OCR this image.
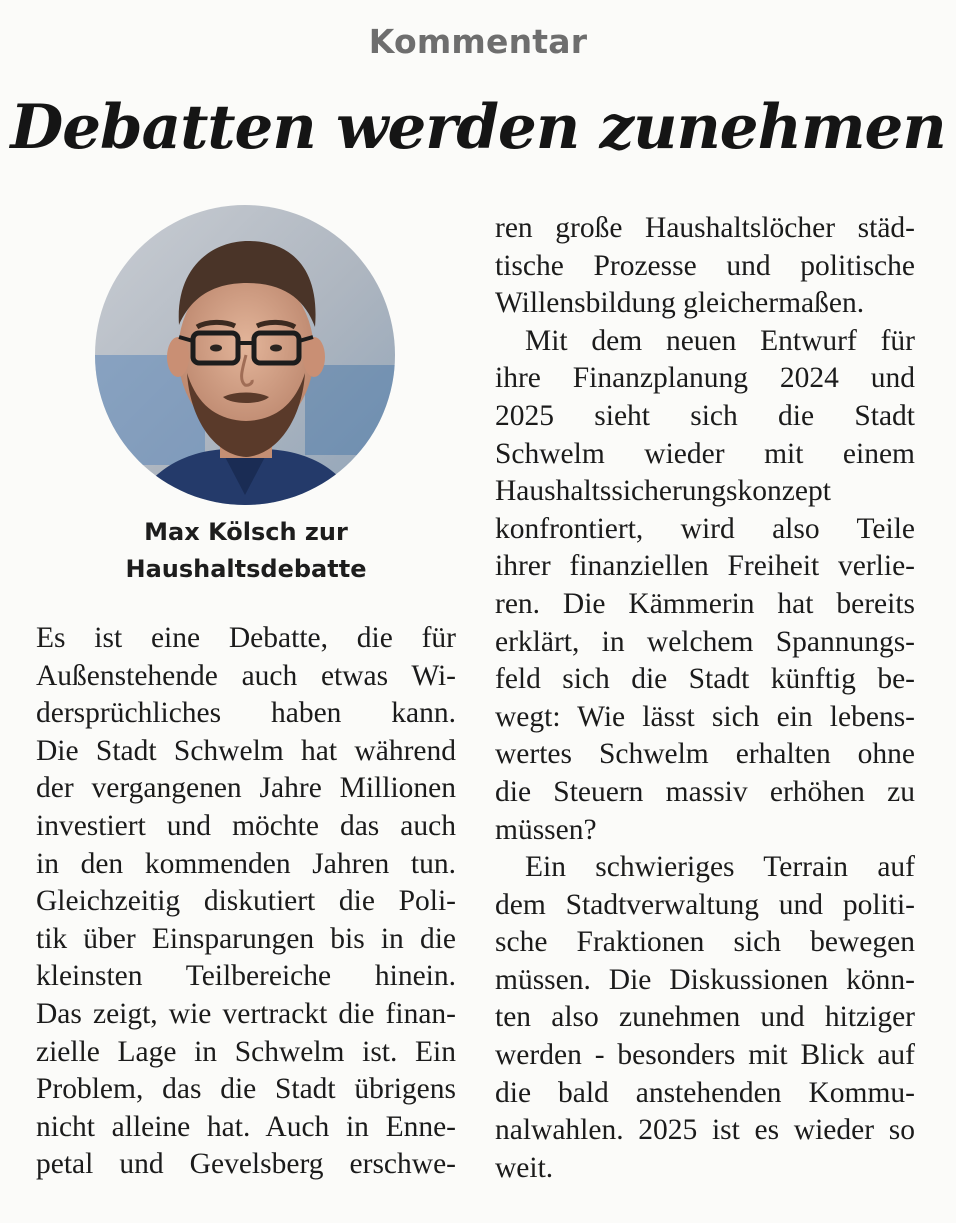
Kommentar
Debatten werden zunehmen
Max Kölsch zur
Haushaltsdebatte
Es ist eine Debatte, die für
Außenstehende auch etwas Wi-
dersprüchliches haben kann.
Die Stadt Schwelm hat während
der vergangenen Jahre Millionen
investiert und möchte das auch
in den kommenden Jahren tun.
Gleichzeitig diskutiert die Poli-
tik über Einsparungen bis in die
kleinsten Teilbereiche hinein.
Das zeigt, wie vertrackt die finan-
zielle Lage in Schwelm ist. Ein
Problem, das die Stadt übrigens
nicht alleine hat. Auch in Enne-
petal und Gevelsberg erschwe-
ren große Haushaltslöcher städ-
tische Prozesse und politische
Willensbildung gleichermaßen.
Mit dem neuen Entwurf für
ihre Finanzplanung 2024 und
2025 sieht sich die Stadt
Schwelm wieder mit einem
Haushaltssicherungskonzept
konfrontiert, wird also Teile
ihrer finanziellen Freiheit verlie-
ren. Die Kämmerin hat bereits
erklärt, in welchem Spannungs-
feld sich die Stadt künftig be-
wegt: Wie lässt sich ein lebens-
wertes Schwelm erhalten ohne
die Steuern massiv erhöhen zu
müssen?
Ein schwieriges Terrain auf
dem Stadtverwaltung und politi-
sche Fraktionen sich bewegen
müssen. Die Diskussionen könn-
ten also zunehmen und hitziger
werden - besonders mit Blick auf
die bald anstehenden Kommu-
nalwahlen. 2025 ist es wieder so
weit.
